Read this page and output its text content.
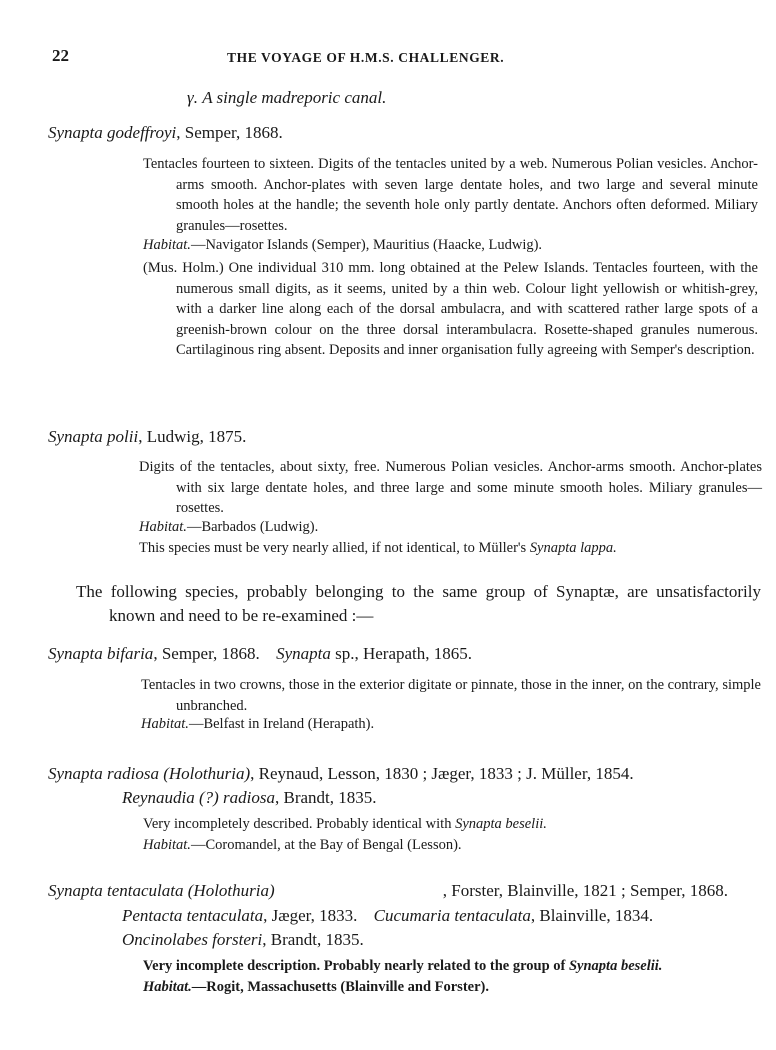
22	THE VOYAGE OF H.M.S. CHALLENGER.
γ. A single madreporic canal.
Synapta godeffroyi, Semper, 1868.
Tentacles fourteen to sixteen. Digits of the tentacles united by a web. Numerous Polian vesicles. Anchor-arms smooth. Anchor-plates with seven large dentate holes, and two large and several minute smooth holes at the handle; the seventh hole only partly dentate. Anchors often deformed. Miliary granules—rosettes.
Habitat.—Navigator Islands (Semper), Mauritius (Haacke, Ludwig).
(Mus. Holm.) One individual 310 mm. long obtained at the Pelew Islands. Tentacles fourteen, with the numerous small digits, as it seems, united by a thin web. Colour light yellowish or whitish-grey, with a darker line along each of the dorsal ambulacra, and with scattered rather large spots of a greenish-brown colour on the three dorsal interambulacra. Rosette-shaped granules numerous. Cartilaginous ring absent. Deposits and inner organisation fully agreeing with Semper's description.
Synapta polii, Ludwig, 1875.
Digits of the tentacles, about sixty, free. Numerous Polian vesicles. Anchor-arms smooth. Anchor-plates with six large dentate holes, and three large and some minute smooth holes. Miliary granules—rosettes.
Habitat.—Barbados (Ludwig).
This species must be very nearly allied, if not identical, to Müller's Synapta lappa.
The following species, probably belonging to the same group of Synaptæ, are unsatisfactorily known and need to be re-examined :—
Synapta bifaria, Semper, 1868. Synapta sp., Herapath, 1865.
Tentacles in two crowns, those in the exterior digitate or pinnate, those in the inner, on the contrary, simple unbranched.
Habitat.—Belfast in Ireland (Herapath).
Synapta radiosa (Holothuria), Reynaud, Lesson, 1830 ; Jæger, 1833 ; J. Müller, 1854.
Reynaudia (?) radiosa, Brandt, 1835.
Very incompletely described. Probably identical with Synapta beselii.
Habitat.—Coromandel, at the Bay of Bengal (Lesson).
Synapta tentaculata (Holothuria)	, Forster, Blainville, 1821 ; Semper, 1868.
Pentacta tentaculata, Jæger, 1833. Cucumaria tentaculata, Blainville, 1834.
Oncinolabes forsteri, Brandt, 1835.
Very incomplete description. Probably nearly related to the group of Synapta beselii.
Habitat.—Rogit, Massachusetts (Blainville and Forster).
